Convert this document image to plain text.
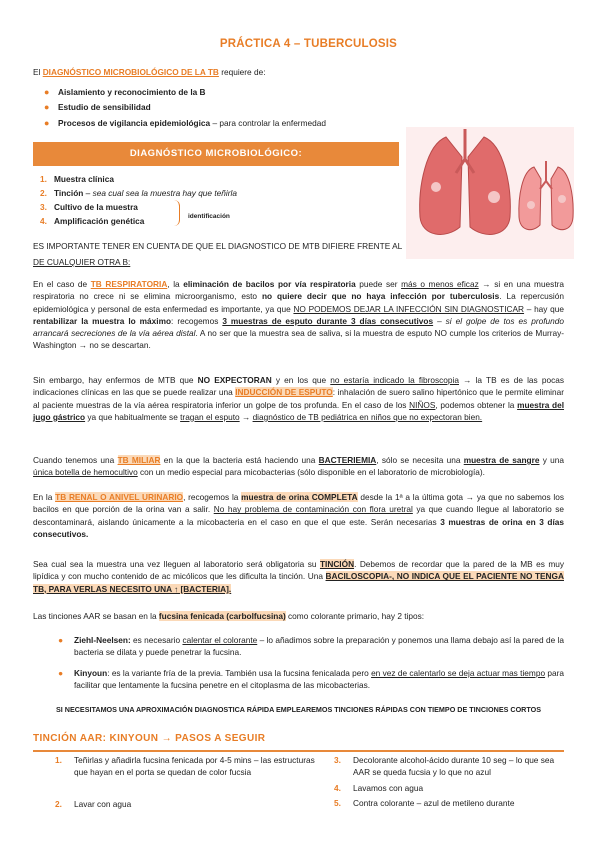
PRÁCTICA 4 – TUBERCULOSIS
El DIAGNÓSTICO MICROBIOLÓGICO DE LA TB requiere de:
● Aislamiento y reconocimiento de la B
● Estudio de sensibilidad
● Procesos de vigilancia epidemiológica – para controlar la enfermedad
DIAGNÓSTICO MICROBIOLÓGICO:
1. Muestra clínica
2. Tinción – sea cual sea la muestra hay que teñirla
3. Cultivo de la muestra
4. Amplificación genética	identificación
ES IMPORTANTE TENER EN CUENTA DE QUE EL DIAGNOSTICO DE MTB DIFIERE FRENTE AL
DE CUALQUIER OTRA B:
En el caso de TB RESPIRATORIA, la eliminación de bacilos por vía respiratoria puede ser más o menos eficaz → si en una muestra respiratoria no crece ni se elimina microorganismo, esto no quiere decir que no haya infección por tuberculosis. La repercusión epidemiológica y personal de esta enfermedad es importante, ya que NO PODEMOS DEJAR LA INFECCIÓN SIN DIAGNOSTICAR – hay que rentabilizar la muestra lo máximo: recogemos 3 muestras de esputo durante 3 días consecutivos – si el golpe de tos es profundo arrancará secreciones de la vía aérea distal. A no ser que la muestra sea de saliva, si la muestra de esputo NO cumple los criterios de Murray-Washington → no se descartan.
Sin embargo, hay enfermos de MTB que NO EXPECTORAN y en los que no estaría indicado la fibroscopia → la TB es de las pocas indicaciones clínicas en las que se puede realizar una INDUCCIÓN DE ESPUTO: inhalación de suero salino hipertónico que le permite eliminar al paciente muestras de la vía aérea respiratoria inferior un golpe de tos profunda. En el caso de los NIÑOS, podemos obtener la muestra del jugo gástrico ya que habitualmente se tragan el esputo → diagnóstico de TB pediátrica en niños que no expectoran bien.
Cuando tenemos una TB MILIAR en la que la bacteria está haciendo una BACTERIEMIA, sólo se necesita una muestra de sangre y una única botella de hemocultivo con un medio especial para micobacterias (sólo disponible en el laboratorio de microbiología).
En la TB RENAL O ANIVEL URINARIO, recogemos la muestra de orina COMPLETA desde la 1ª a la última gota → ya que no sabemos los bacilos en que porción de la orina van a salir. No hay problema de contaminación con flora uretral ya que cuando llegue al laboratorio se descontaminará, aislando únicamente a la micobacteria en el caso en que el que este. Serán necesarias 3 muestras de orina en 3 días consecutivos.
Sea cual sea la muestra una vez lleguen al laboratorio será obligatoria su TINCIÓN. Debemos de recordar que la pared de la MB es muy lipídica y con mucho contenido de ac micólicos que les dificulta la tinción. Una BACILOSCOPIA-, NO INDICA QUE EL PACIENTE NO TENGA TB, PARA VERLAS NECESITO UNA ↑ [BACTERIA].
Las tinciones AAR se basan en la fucsina fenicada (carbolfucsina) como colorante primario, hay 2 tipos:
● Ziehl-Neelsen: es necesario calentar el colorante – lo añadimos sobre la preparación y ponemos una llama debajo así la pared de la bacteria se dilata y puede penetrar la fucsina.
● Kinyoun: es la variante fría de la previa. También usa la fucsina fenicalada pero en vez de calentarlo se deja actuar mas tiempo para facilitar que lentamente la fucsina penetre en el citoplasma de las micobacterias.
SI NECESITAMOS UNA APROXIMACIÓN DIAGNOSTICA RÁPIDA EMPLEAREMOS TINCIONES RÁPIDAS CON TIEMPO DE TINCIONES CORTOS
TINCIÓN AAR: KINYOUN → PASOS A SEGUIR
1. Teñirlas y añadirla fucsina fenicada por 4-5 mins – las estructuras que hayan en el porta se quedan de color fucsia
2. Lavar con agua
3. Decolorante alcohol-ácido durante 10 seg – lo que sea AAR se queda fucsia y lo que no azul
4. Lavamos con agua
5. Contra colorante – azul de metileno durante
